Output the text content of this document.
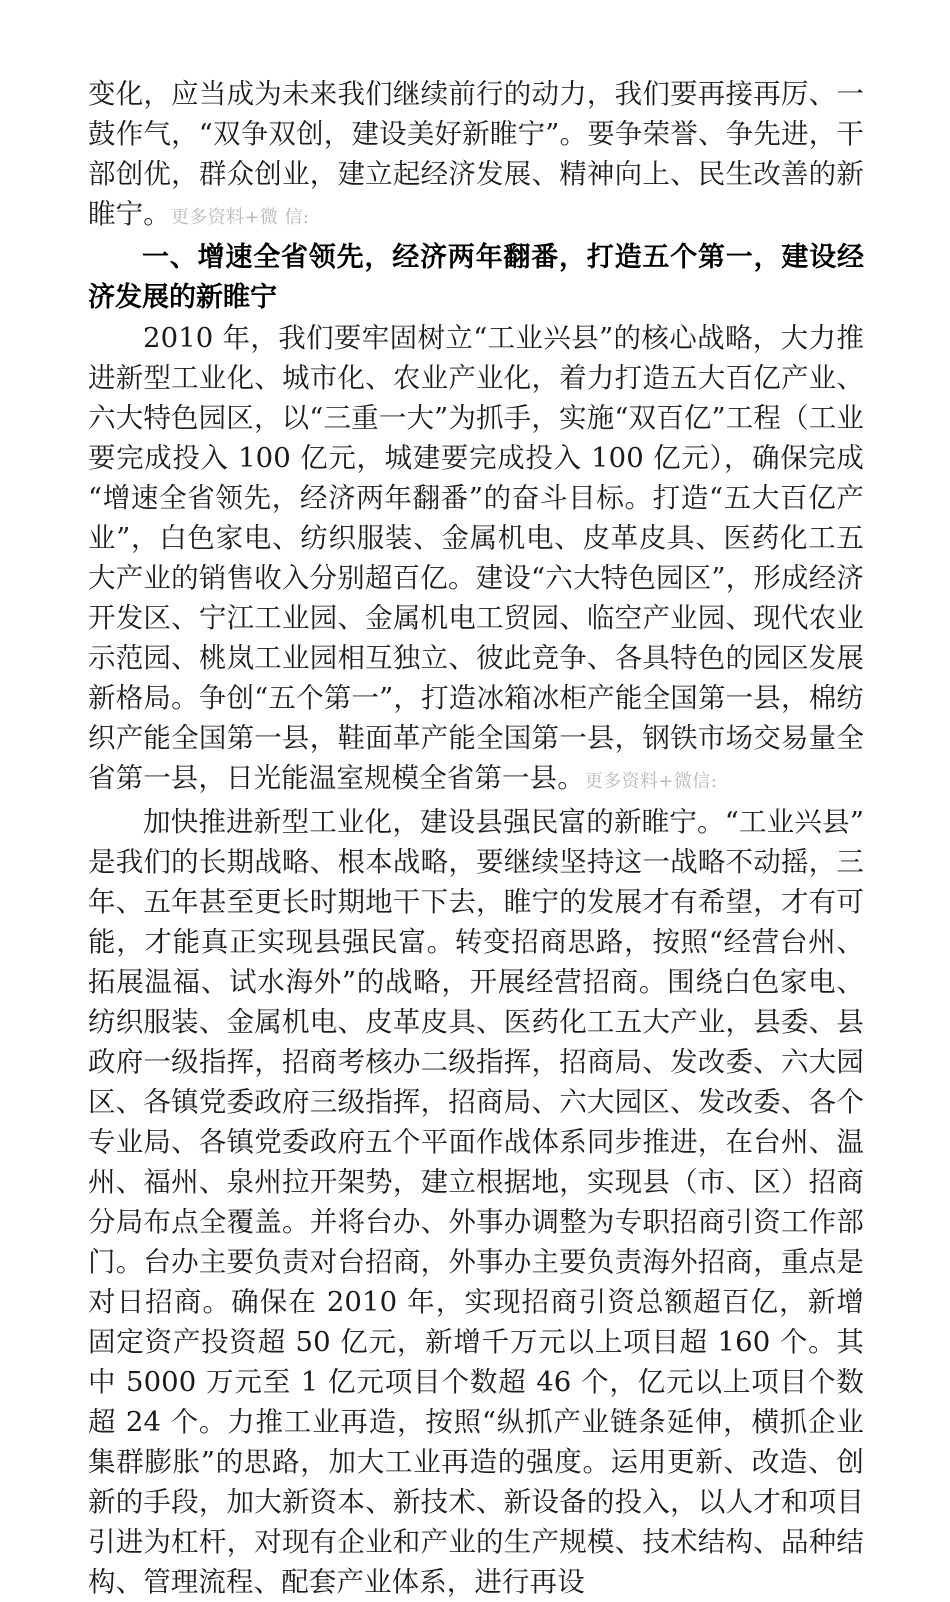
变化，应当成为未来我们继续前行的动力，我们要再接再厉、一鼓作气，“双争双创，建设美好新睢宁”。要争荣誉、争先进，干部创优，群众创业，建立起经济发展、精神向上、民生改善的新睢宁。更多资料+微 信:

一、增速全省领先，经济两年翻番，打造五个第一，建设经济发展的新睢宁

2010 年，我们要牢固树立“工业兴县”的核心战略，大力推进新型工业化、城市化、农业产业化，着力打造五大百亿产业、六大特色园区，以“三重一大”为抓手，实施“双百亿”工程（工业要完成投入 100 亿元，城建要完成投入 100 亿元），确保完成“增速全省领先，经济两年翻番”的奋斗目标。打造“五大百亿产业”，白色家电、纺织服装、金属机电、皮革皮具、医药化工五大产业的销售收入分别超百亿。建设“六大特色园区”，形成经济开发区、宁江工业园、金属机电工贸园、临空产业园、现代农业示范园、桃岚工业园相互独立、彼此竞争、各具特色的园区发展新格局。争创“五个第一”，打造冰箱冰柜产能全国第一县，棉纺织产能全国第一县，鞋面革产能全国第一县，钢铁市场交易量全省第一县，日光能温室规模全省第一县。更多资料+微信:

加快推进新型工业化，建设县强民富的新睢宁。“工业兴县”是我们的长期战略、根本战略，要继续坚持这一战略不动摇，三年、五年甚至更长时期地干下去，睢宁的发展才有希望，才有可能，才能真正实现县强民富。转变招商思路，按照“经营台州、拓展温福、试水海外”的战略，开展经营招商。围绕白色家电、纺织服装、金属机电、皮革皮具、医药化工五大产业，县委、县政府一级指挥，招商考核办二级指挥，招商局、发改委、六大园区、各镇党委政府三级指挥，招商局、六大园区、发改委、各个专业局、各镇党委政府五个平面作战体系同步推进，在台州、温州、福州、泉州拉开架势，建立根据地，实现县（市、区）招商分局布点全覆盖。并将台办、外事办调整为专职招商引资工作部门。台办主要负责对台招商，外事办主要负责海外招商，重点是对日招商。确保在 2010 年，实现招商引资总额超百亿，新增固定资产投资超 50 亿元，新增千万元以上项目超 160 个。其中 5000 万元至 1 亿元项目个数超 46 个，亿元以上项目个数超 24 个。力推工业再造，按照“纵抓产业链条延伸，横抓企业集群膨胀”的思路，加大工业再造的强度。运用更新、改造、创新的手段，加大新资本、新技术、新设备的投入，以人才和项目引进为杠杆，对现有企业和产业的生产规模、技术结构、品种结构、管理流程、配套产业体系，进行再设
